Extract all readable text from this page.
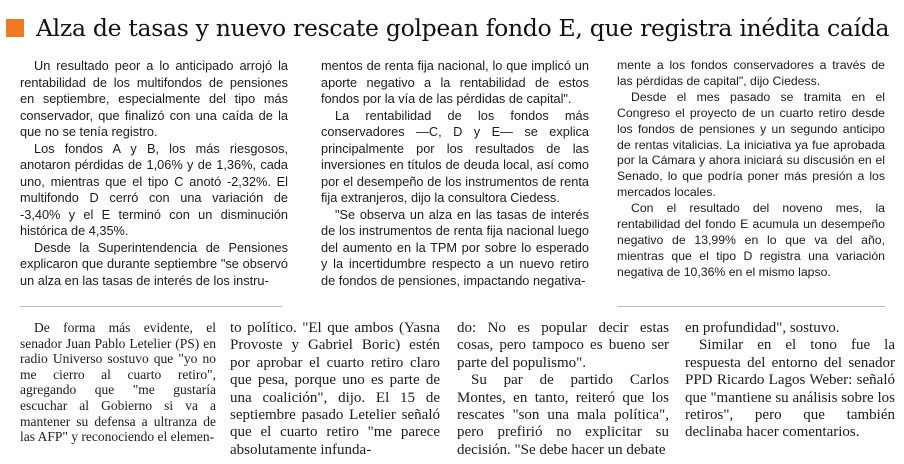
Alza de tasas y nuevo rescate golpean fondo E, que registra inédita caída

Un resultado peor a lo anticipado arrojó la rentabilidad de los multifondos de pensiones en septiembre, especialmente del tipo más conservador, que finalizó con una caída de la que no se tenía registro.

Los fondos A y B, los más riesgosos, anotaron pérdidas de 1,06% y de 1,36%, cada uno, mientras que el tipo C anotó -2,32%. El multifondo D cerró con una variación de -3,40% y el E terminó con un disminución histórica de 4,35%.

Desde la Superintendencia de Pensiones explicaron que durante septiembre "se observó un alza en las tasas de interés de los instru-

mentos de renta fija nacional, lo que implicó un aporte negativo a la rentabilidad de estos fondos por la vía de las pérdidas de capital".

La rentabilidad de los fondos más conservadores —C, D y E— se explica principalmente por los resultados de las inversiones en títulos de deuda local, así como por el desempeño de los instrumentos de renta fija extranjeros, dijo la consultora Ciedess.

"Se observa un alza en las tasas de interés de los instrumentos de renta fija nacional luego del aumento en la TPM por sobre lo esperado y la incertidumbre respecto a un nuevo retiro de fondos de pensiones, impactando negativa-

mente a los fondos conservadores a través de las pérdidas de capital", dijo Ciedess.

Desde el mes pasado se tramita en el Congreso el proyecto de un cuarto retiro desde los fondos de pensiones y un segundo anticipo de rentas vitalicias. La iniciativa ya fue aprobada por la Cámara y ahora iniciará su discusión en el Senado, lo que podría poner más presión a los mercados locales.

Con el resultado del noveno mes, la rentabilidad del fondo E acumula un desempeño negativo de 13,99% en lo que va del año, mientras que el tipo D registra una variación negativa de 10,36% en el mismo lapso.

De forma más evidente, el senador Juan Pablo Letelier (PS) en radio Universo sostuvo que "yo no me cierro al cuarto retiro", agregando que "me gustaría escuchar al Gobierno si va a mantener su defensa a ultranza de las AFP" y reconociendo el elemen-

to político. "El que ambos (Yasna Provoste y Gabriel Boric) estén por aprobar el cuarto retiro claro que pesa, porque uno es parte de una coalición", dijo. El 15 de septiembre pasado Letelier señaló que el cuarto retiro "me parece absolutamente infunda-

do: No es popular decir estas cosas, pero tampoco es bueno ser parte del populismo".

Su par de partido Carlos Montes, en tanto, reiteró que los rescates "son una mala política", pero prefirió no explicitar su decisión. "Se debe hacer un debate

en profundidad", sostuvo.

Similar en el tono fue la respuesta del entorno del senador PPD Ricardo Lagos Weber: señaló que "mantiene su análisis sobre los retiros", pero que también declinaba hacer comentarios.
